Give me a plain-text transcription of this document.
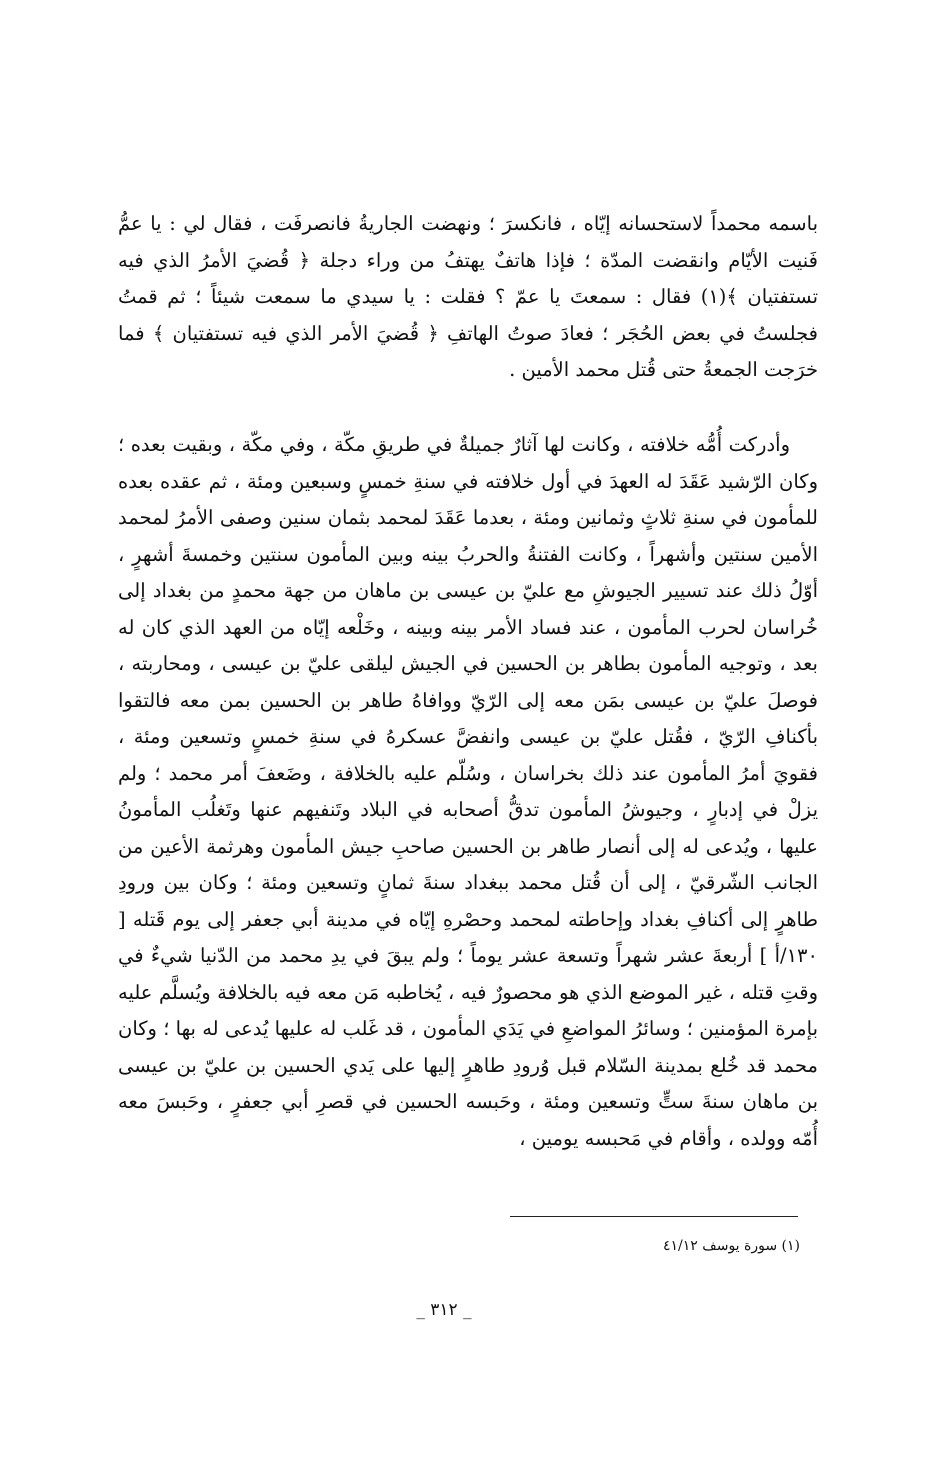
باسمه محمداً لاستحسانه إيّاه ، فانكسرَ ؛ ونهضت الجاريةُ فانصرفَت ، فقال لي : يا عمُّ فَنيت الأيّام وانقضت المدّة ؛ فإذا هاتفٌ يهتفُ من وراء دجلة ﴿ قُضيَ الأمرُ الذي فيه تستفتيان ﴾(١) فقال : سمعتَ يا عمّ ؟ فقلت : يا سيدي ما سمعت شيئاً ؛ ثم قمتُ فجلستُ في بعض الحُجَر ؛ فعادَ صوتُ الهاتفِ ﴿ قُضيَ الأمر الذي فيه تستفتيان ﴾ فما خرَجت الجمعةُ حتى قُتل محمد الأمين .

وأدركت أُمُّه خلافته ، وكانت لها آثارٌ جميلةٌ في طريقِ مكّة ، وفي مكّة ، وبقيت بعده ؛ وكان الرّشيد عَقَدَ له العهدَ في أول خلافته في سنةِ خمسٍ وسبعين ومئة ، ثم عقده بعده للمأمون في سنةِ ثلاثٍ وثمانين ومئة ، بعدما عَقَدَ لمحمد بثمان سنين وصفى الأمرُ لمحمد الأمين سنتين وأشهراً ، وكانت الفتنةُ والحربُ بينه وبين المأمون سنتين وخمسةَ أشهرٍ ، أوّلُ ذلك عند تسيير الجيوشِ مع عليّ بن عيسى بن ماهان من جهة محمدٍ من بغداد إلى خُراسان لحرب المأمون ، عند فساد الأمر بينه وبينه ، وخَلْعه إيّاه من العهد الذي كان له بعد ، وتوجيه المأمون بطاهر بن الحسين في الجيش ليلقى عليّ بن عيسى ، ومحاربته ، فوصلَ عليّ بن عيسى بمَن معه إلى الرّيّ ووافاهُ طاهر بن الحسين بمن معه فالتقوا بأكنافِ الرّيّ ، فقُتل عليّ بن عيسى وانفضَّ عسكرهُ في سنةِ خمسٍ وتسعين ومئة ، فقويَ أمرُ المأمون عند ذلك بخراسان ، وسُلّم عليه بالخلافة ، وضَعفَ أمر محمد ؛ ولم يزلْ في إدبارٍ ، وجيوشُ المأمون تدقُّ أصحابه في البلاد وتَنفيهم عنها وتَغلُب المأمونُ عليها ، ويُدعى له إلى أنصار طاهر بن الحسين صاحبِ جيش المأمون وهرثمة الأعين من الجانب الشّرقيّ ، إلى أن قُتل محمد ببغداد سنةَ ثمانٍ وتسعين ومئة ؛ وكان بين ورودِ طاهرٍ إلى أكنافِ بغداد وإحاطته لمحمد وحصْرهِ إيّاه في مدينة أبي جعفر إلى يوم قَتله [ ١٣٠/أ ] أربعةَ عشر شهراً وتسعة عشر يوماً ؛ ولم يبقَ في يدِ محمد من الدّنيا شيءٌ في وقتِ قتله ، غير الموضع الذي هو محصورٌ فيه ، يُخاطبه مَن معه فيه بالخلافة ويُسلَّم عليه بإمرة المؤمنين ؛ وسائرُ المواضعِ في يَدَي المأمون ، قد غَلب له عليها يُدعى له بها ؛ وكان محمد قد خُلع بمدينة السّلام قبل وُرودِ طاهرٍ إليها على يَدي الحسين بن عليّ بن عيسى بن ماهان سنةَ ستٍّ وتسعين ومئة ، وحَبسه الحسين في قصرِ أبي جعفرٍ ، وحَبسَ معه أُمّه وولده ، وأقام في مَحبسه يومين ،

(١) سورة يوسف ٤١/١٢
_ ٣١٢ _
